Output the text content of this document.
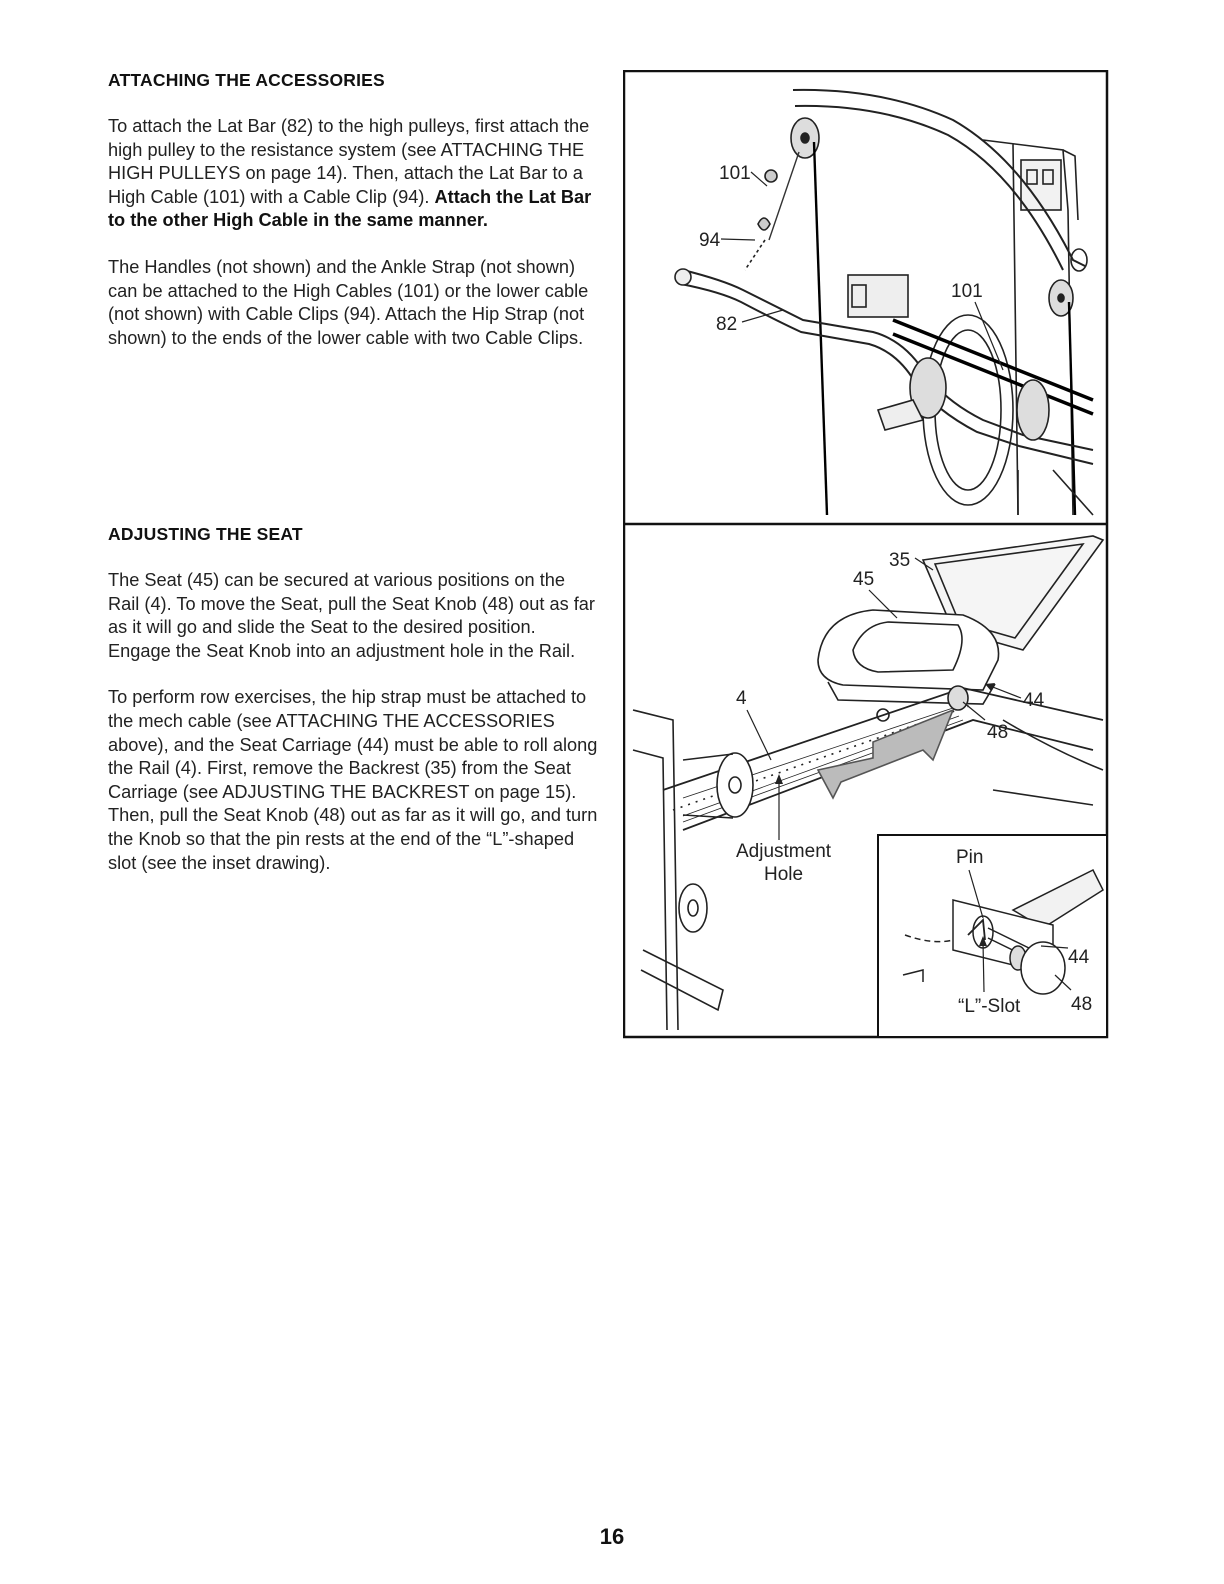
ATTACHING THE ACCESSORIES

To attach the Lat Bar (82) to the high pulleys, first attach the high pulley to the resistance system (see ATTACHING THE HIGH PULLEYS on page 14). Then, attach the Lat Bar to a High Cable (101) with a Cable Clip (94). Attach the Lat Bar to the other High Cable in the same manner.

The Handles (not shown) and the Ankle Strap (not shown) can be attached to the High Cables (101) or the lower cable (not shown) with Cable Clips (94). Attach the Hip Strap (not shown) to the ends of the lower cable with two Cable Clips.

ADJUSTING THE SEAT

The Seat (45) can be secured at various positions on the Rail (4). To move the Seat, pull the Seat Knob (48) out as far as it will go and slide the Seat to the desired position. Engage the Seat Knob into an adjustment hole in the Rail.

To perform row exercises, the hip strap must be attached to the mech cable (see ATTACHING THE ACCESSORIES above), and the Seat Carriage (44) must be able to roll along the Rail (4). First, remove the Backrest (35) from the Seat Carriage (see ADJUSTING THE BACKREST on page 15). Then, pull the Seat Knob (48) out as far as it will go, and turn the Knob so that the pin rests at the end of the “L”-shaped slot (see the inset drawing).

101
94
82
101
35
45
4	44
48
Adjustment
Hole
Pin
44
48
“L”-Slot
16
